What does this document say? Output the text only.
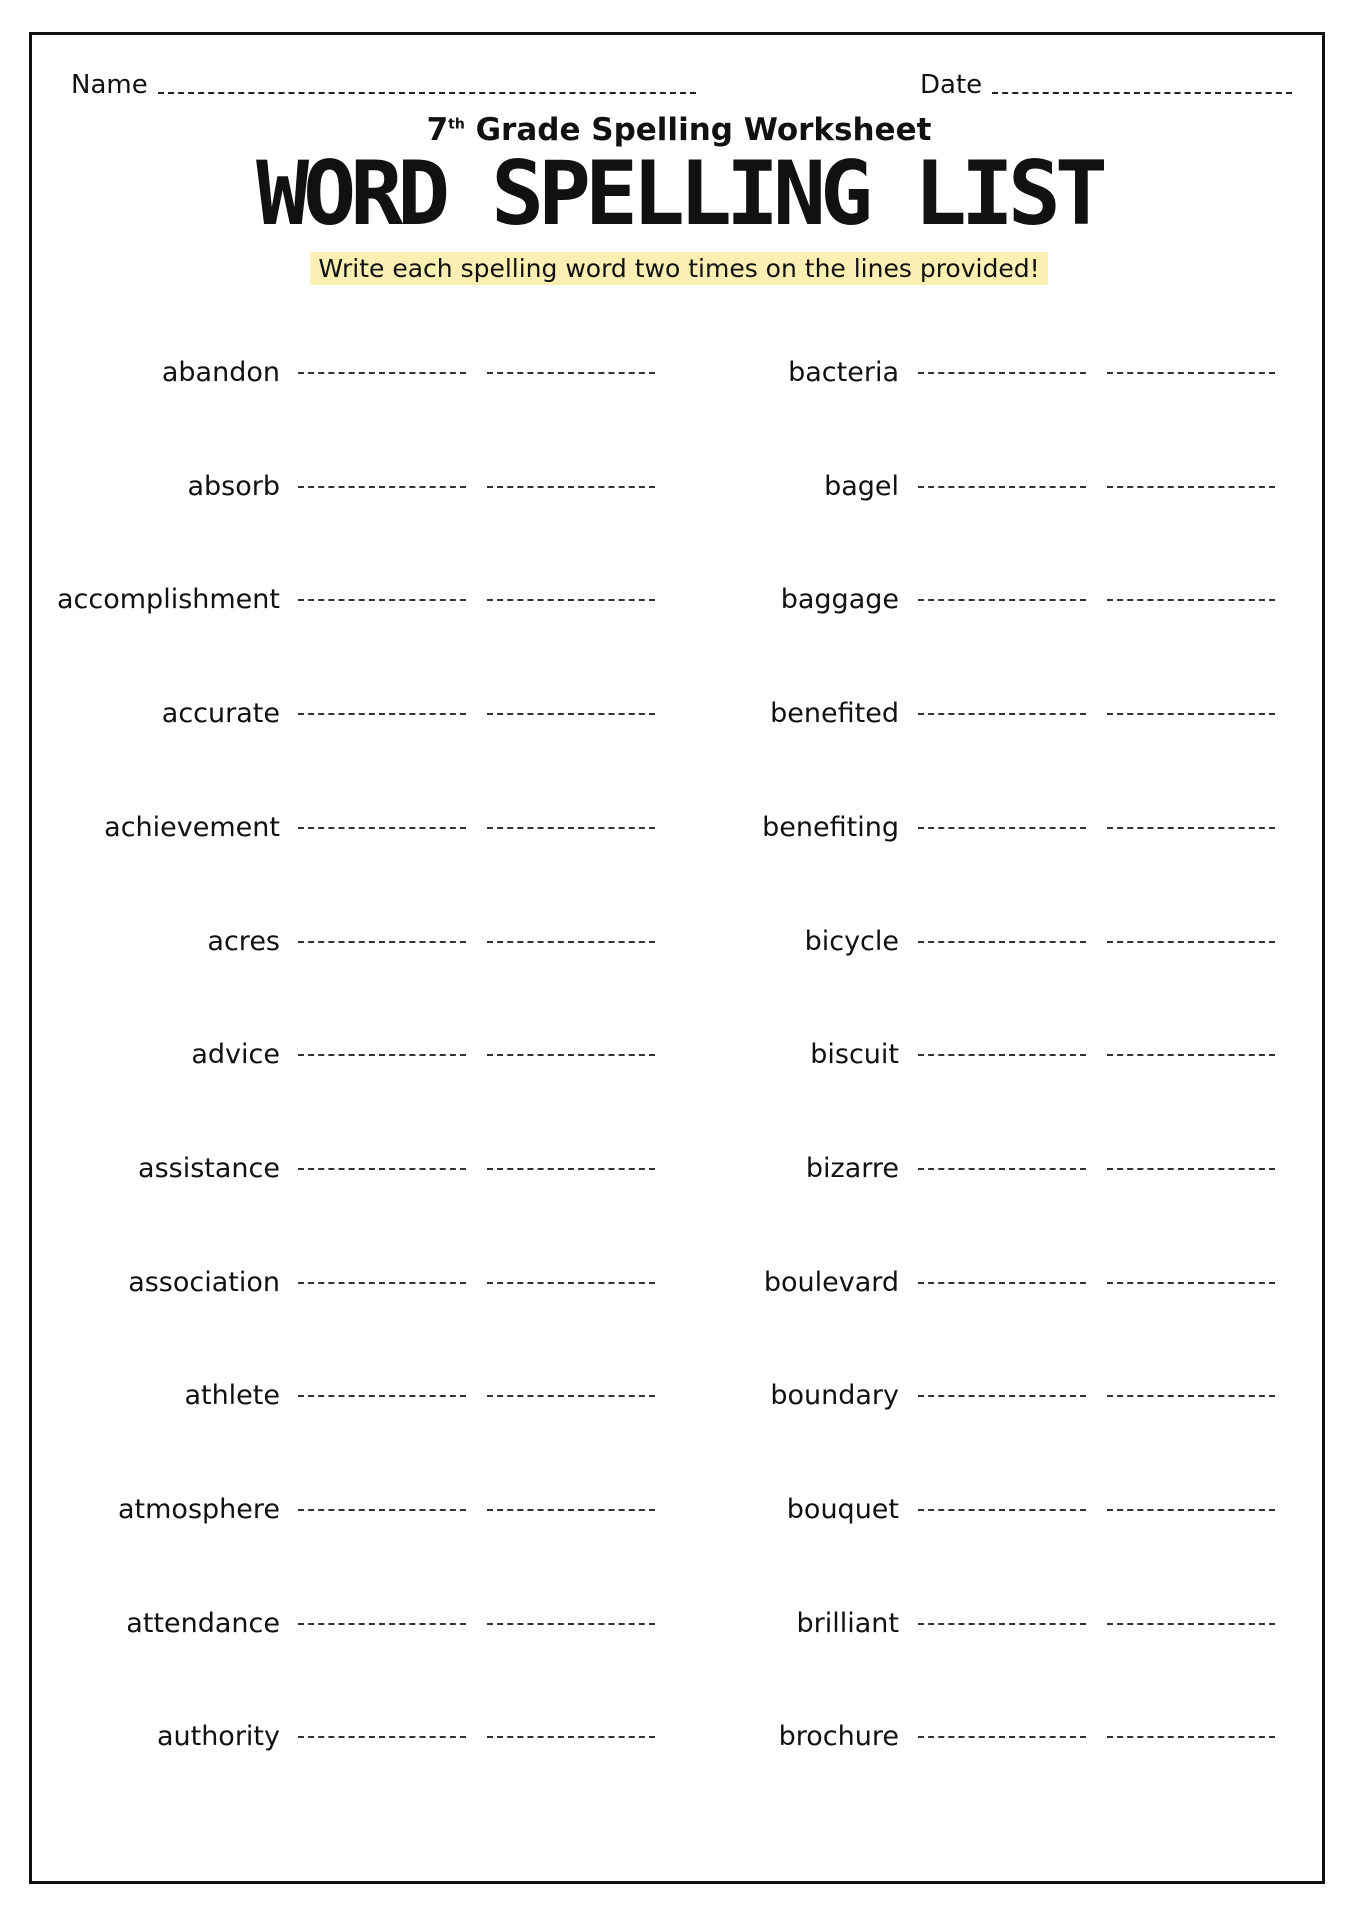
Name	Date
7th Grade Spelling Worksheet
WORD SPELLING LIST
Write each spelling word two times on the lines provided!
abandon
absorb
accomplishment
accurate
achievement
acres
advice
assistance
association
athlete
atmosphere
attendance
authority
bacteria
bagel
baggage
benefited
benefiting
bicycle
biscuit
bizarre
boulevard
boundary
bouquet
brilliant
brochure
